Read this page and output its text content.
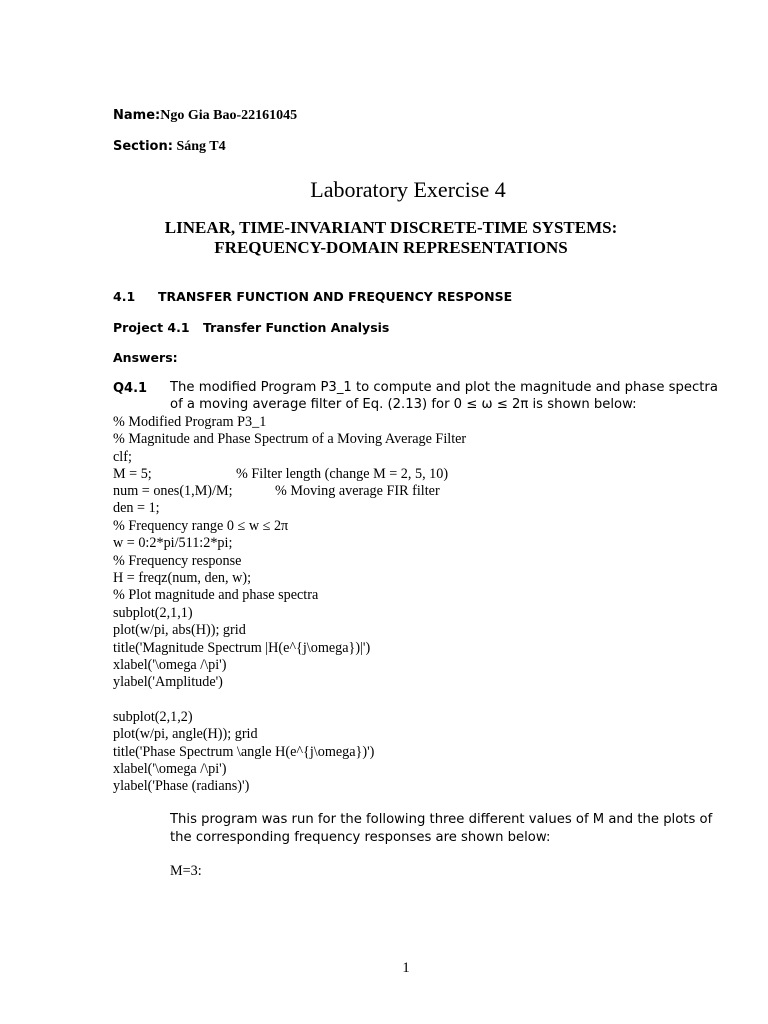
Name:Ngo Gia Bao-22161045
Section: Sáng T4
Laboratory Exercise 4
LINEAR, TIME-INVARIANT DISCRETE-TIME SYSTEMS:
FREQUENCY-DOMAIN REPRESENTATIONS
4.1 TRANSFER FUNCTION AND FREQUENCY RESPONSE
Project 4.1 Transfer Function Analysis
Answers:
Q4.1 The modified Program P3_1 to compute and plot the magnitude and phase spectra
of a moving average filter of Eq. (2.13) for 0 ≤ ω ≤ 2π is shown below:
% Modified Program P3_1
% Magnitude and Phase Spectrum of a Moving Average Filter
clf;
M = 5;	% Filter length (change M = 2, 5, 10)
num = ones(1,M)/M;	% Moving average FIR filter
den = 1;
% Frequency range 0 ≤ w ≤ 2π
w = 0:2*pi/511:2*pi;
% Frequency response
H = freqz(num, den, w);
% Plot magnitude and phase spectra
subplot(2,1,1)
plot(w/pi, abs(H)); grid
title('Magnitude Spectrum |H(e^{j\omega})|')
xlabel('\omega /\pi')
ylabel('Amplitude')
subplot(2,1,2)
plot(w/pi, angle(H)); grid
title('Phase Spectrum \angle H(e^{j\omega})')
xlabel('\omega /\pi')
ylabel('Phase (radians)')
This program was run for the following three different values of M and the plots of
the corresponding frequency responses are shown below:
M=3:
1
